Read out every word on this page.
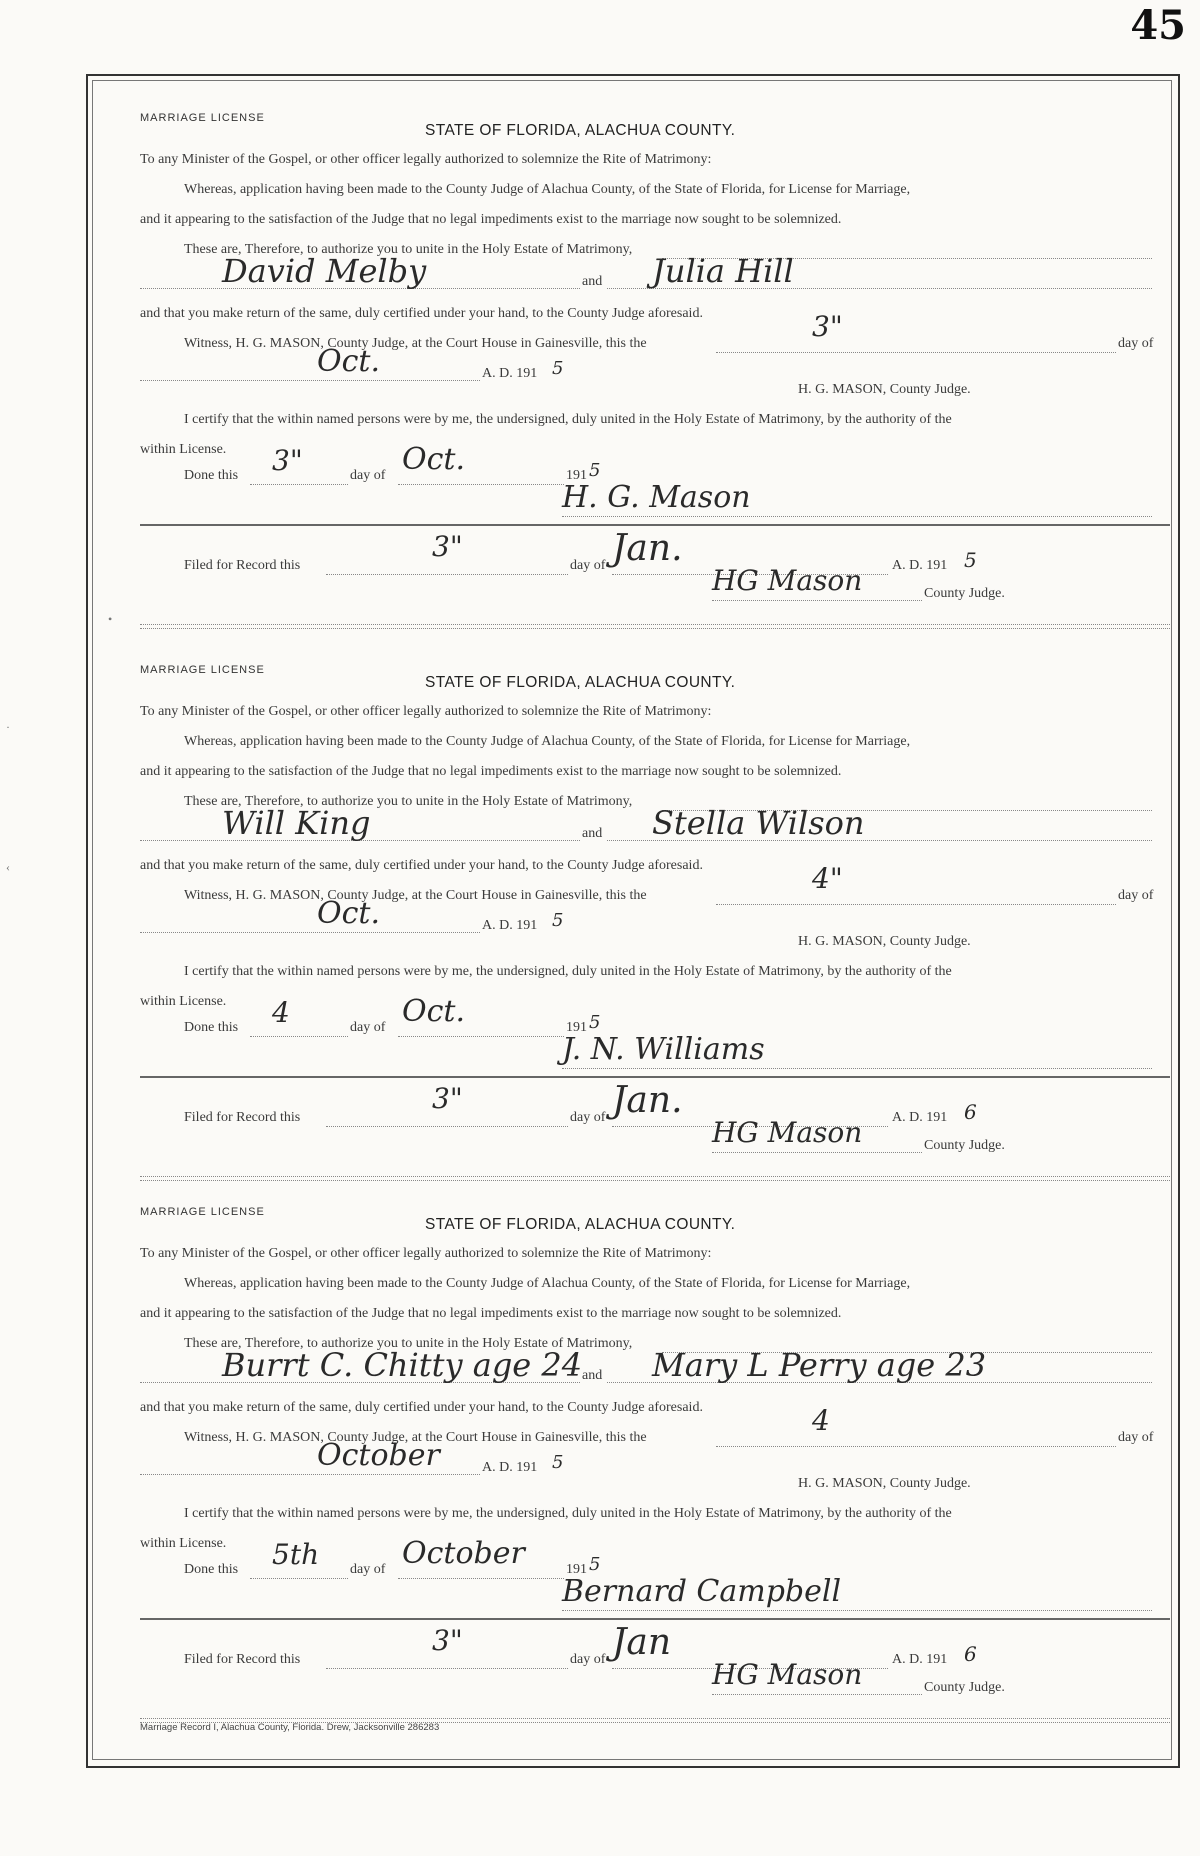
45
MARRIAGE LICENSE
STATE OF FLORIDA, ALACHUA COUNTY.
To any Minister of the Gospel, or other officer legally authorized to solemnize the Rite of Matrimony:
Whereas, application having been made to the County Judge of Alachua County, of the State of Florida, for License for Marriage,
and it appearing to the satisfaction of the Judge that no legal impediments exist to the marriage now sought to be solemnized.
These are, Therefore, to authorize you to unite in the Holy Estate of Matrimony,
David Melby	and Julia Hill
and that you make return of the same, duly certified under your hand, to the County Judge aforesaid.
Witness, H. G. MASON, County Judge, at the Court House in Gainesville, this the
3"
day of
Oct.	A. D. 191 5
H. G. MASON, County Judge.
I certify that the within named persons were by me, the undersigned, duly united in the Holy Estate of Matrimony, by the authority of the
within License.
Done this 3"	day of Oct.	191 5
H. G. Mason
Filed for Record this
3"
day of Jan.	A. D. 191 5
HG Mason	County Judge.
MARRIAGE LICENSE
STATE OF FLORIDA, ALACHUA COUNTY.
To any Minister of the Gospel, or other officer legally authorized to solemnize the Rite of Matrimony:
Whereas, application having been made to the County Judge of Alachua County, of the State of Florida, for License for Marriage,
and it appearing to the satisfaction of the Judge that no legal impediments exist to the marriage now sought to be solemnized.
These are, Therefore, to authorize you to unite in the Holy Estate of Matrimony,
Will King	and Stella Wilson
and that you make return of the same, duly certified under your hand, to the County Judge aforesaid.
Witness, H. G. MASON, County Judge, at the Court House in Gainesville, this the
4"
day of
Oct.	A. D. 191 5
H. G. MASON, County Judge.
I certify that the within named persons were by me, the undersigned, duly united in the Holy Estate of Matrimony, by the authority of the
within License.
Done this 4	day of Oct.	191 5
J. N. Williams
Filed for Record this
3"
day of Jan.	A. D. 191 6
HG Mason	County Judge.
MARRIAGE LICENSE
STATE OF FLORIDA, ALACHUA COUNTY.
To any Minister of the Gospel, or other officer legally authorized to solemnize the Rite of Matrimony:
Whereas, application having been made to the County Judge of Alachua County, of the State of Florida, for License for Marriage,
and it appearing to the satisfaction of the Judge that no legal impediments exist to the marriage now sought to be solemnized.
These are, Therefore, to authorize you to unite in the Holy Estate of Matrimony,
Burrt C. Chitty age 24 and Mary L Perry age 23
and that you make return of the same, duly certified under your hand, to the County Judge aforesaid.
Witness, H. G. MASON, County Judge, at the Court House in Gainesville, this the
4
day of
October	A. D. 191 5
H. G. MASON, County Judge.
I certify that the within named persons were by me, the undersigned, duly united in the Holy Estate of Matrimony, by the authority of the
within License.
Done this 5th day of October	191 5
Bernard Campbell
Filed for Record this
3"
day of Jan	A. D. 191 6
HG Mason	County Judge.
Marriage Record I, Alachua County, Florida. Drew, Jacksonville 286283
·
‹
•
